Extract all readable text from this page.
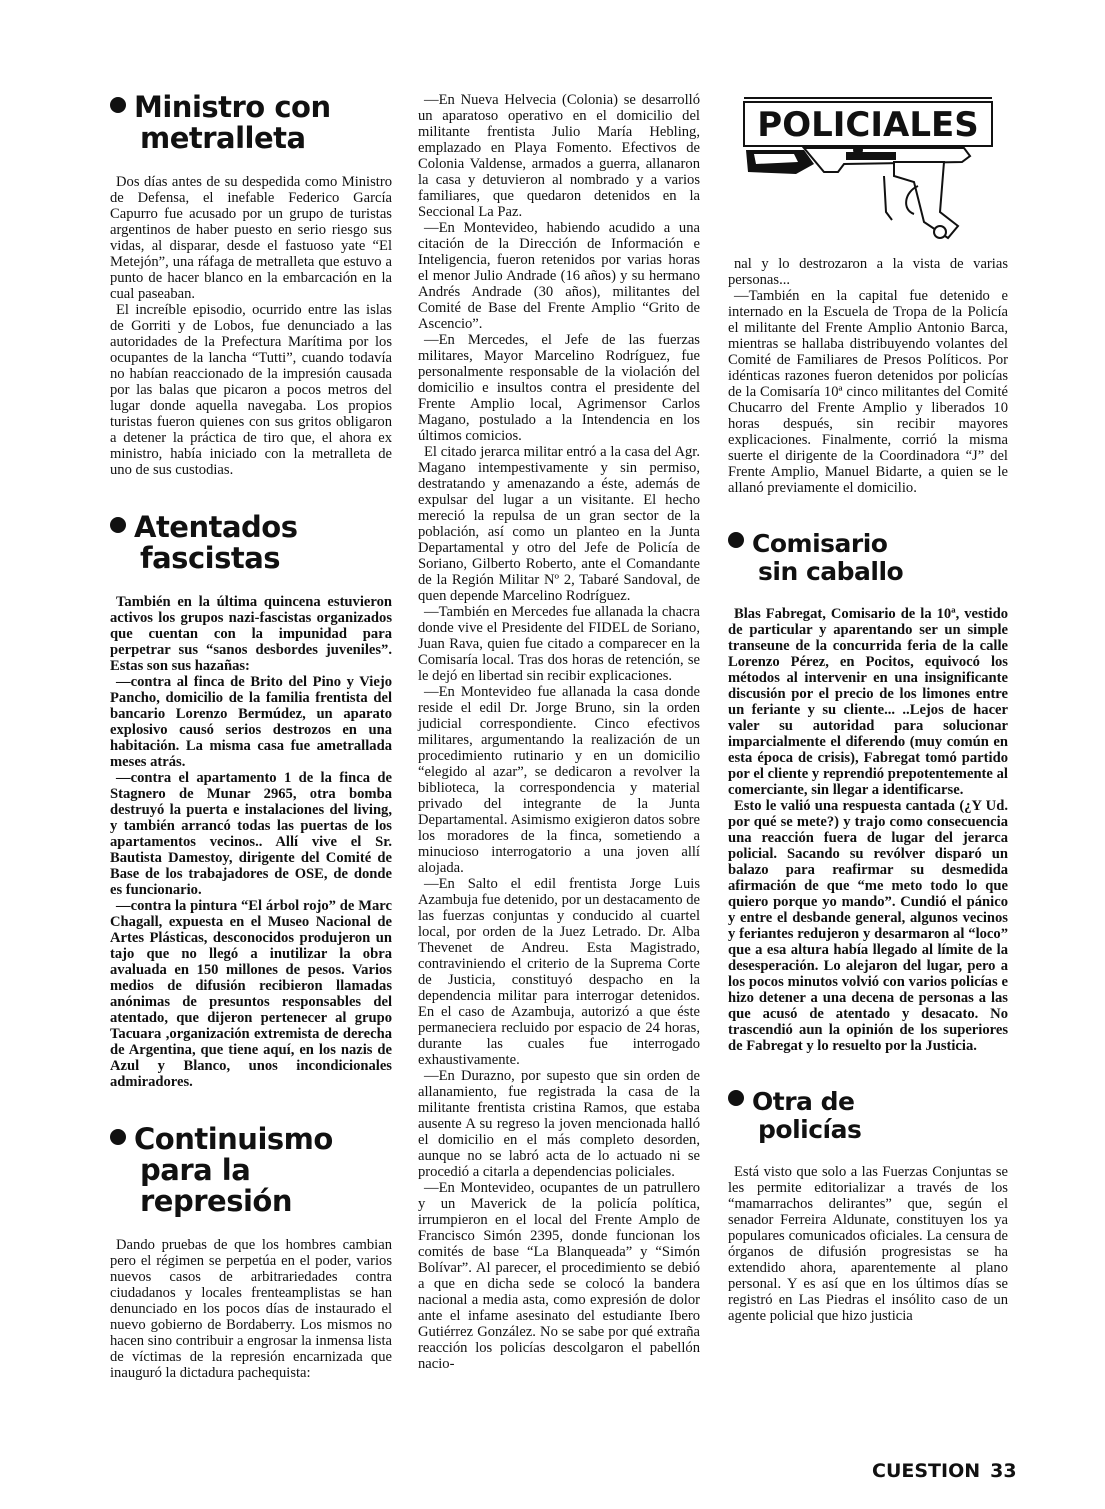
Ministro con
metralleta

Dos días antes de su despedida como Ministro de Defensa, el inefable Federico García Capurro fue acusado por un grupo de turistas argentinos de haber puesto en serio riesgo sus vidas, al disparar, desde el fastuoso yate “El Metejón”, una ráfaga de metralleta que estuvo a punto de hacer blanco en la embarcación en la cual paseaban.

El increíble episodio, ocurrido entre las islas de Gorriti y de Lobos, fue denunciado a las autoridades de la Prefectura Marítima por los ocupantes de la lancha “Tutti”, cuando todavía no habían reaccionado de la impresión causada por las balas que picaron a pocos metros del lugar donde aquella navegaba. Los propios turistas fueron quienes con sus gritos obligaron a detener la práctica de tiro que, el ahora ex ministro, había iniciado con la metralleta de uno de sus custodias.

Atentados
fascistas

También en la última quincena estuvieron activos los grupos nazi-fascistas organizados que cuentan con la impunidad para perpetrar sus “sanos desbordes juveniles”. Estas son sus hazañas:

—contra al finca de Brito del Pino y Viejo Pancho, domicilio de la familia frentista del bancario Lorenzo Bermúdez, un aparato explosivo causó serios destrozos en una habitación. La misma casa fue ametrallada meses atrás.

—contra el apartamento 1 de la finca de Stagnero de Munar 2965, otra bomba destruyó la puerta e instalaciones del living, y también arrancó todas las puertas de los apartamentos vecinos.. Allí vive el Sr. Bautista Damestoy, dirigente del Comité de Base de los trabajadores de OSE, de donde es funcionario.

—contra la pintura “El árbol rojo” de Marc Chagall, expuesta en el Museo Nacional de Artes Plásticas, desconocidos produjeron un tajo que no llegó a inutilizar la obra avaluada en 150 millones de pesos. Varios medios de difusión recibieron llamadas anónimas de presuntos responsables del atentado, que dijeron pertenecer al grupo Tacuara ,organización extremista de derecha de Argentina, que tiene aquí, en los nazis de Azul y Blanco, unos incondicionales admiradores.

Continuismo
para la
represión

Dando pruebas de que los hombres cambian pero el régimen se perpetúa en el poder, varios nuevos casos de arbitrariedades contra ciudadanos y locales frenteamplistas se han denunciado en los pocos días de instaurado el nuevo gobierno de Bordaberry. Los mismos no hacen sino contribuir a engrosar la inmensa lista de víctimas de la represión encarnizada que inauguró la dictadura pachequista:

—En Nueva Helvecia (Colonia) se desarrolló un aparatoso operativo en el domicilio del militante frentista Julio María Hebling, emplazado en Playa Fomento. Efectivos de Colonia Valdense, armados a guerra, allanaron la casa y detuvieron al nombrado y a varios familiares, que quedaron detenidos en la Seccional La Paz.

—En Montevideo, habiendo acudido a una citación de la Dirección de Información e Inteligencia, fueron retenidos por varias horas el menor Julio Andrade (16 años) y su hermano Andrés Andrade (30 años), militantes del Comité de Base del Frente Amplio “Grito de Ascencio”.

—En Mercedes, el Jefe de las fuerzas militares, Mayor Marcelino Rodríguez, fue personalmente responsable de la violación del domicilio e insultos contra el presidente del Frente Amplio local, Agrimensor Carlos Magano, postulado a la Intendencia en los últimos comicios.

El citado jerarca militar entró a la casa del Agr. Magano intempestivamente y sin permiso, destratando y amenazando a éste, además de expulsar del lugar a un visitante. El hecho mereció la repulsa de un gran sector de la población, así como un planteo en la Junta Departamental y otro del Jefe de Policía de Soriano, Gilberto Roberto, ante el Comandante de la Región Militar Nº 2, Tabaré Sandoval, de quen depende Marcelino Rodríguez.

—También en Mercedes fue allanada la chacra donde vive el Presidente del FIDEL de Soriano, Juan Rava, quien fue citado a comparecer en la Comisaría local. Tras dos horas de retención, se le dejó en libertad sin recibir explicaciones.

—En Montevideo fue allanada la casa donde reside el edil Dr. Jorge Bruno, sin la orden judicial correspondiente. Cinco efectivos militares, argumentando la realización de un procedimiento rutinario y en un domicilio “elegido al azar”, se dedicaron a revolver la biblioteca, la correspondencia y material privado del integrante de la Junta Departamental. Asimismo exigieron datos sobre los moradores de la finca, sometiendo a minucioso interrogatorio a una joven allí alojada.

—En Salto el edil frentista Jorge Luis Azambuja fue detenido, por un destacamento de las fuerzas conjuntas y conducido al cuartel local, por orden de la Juez Letrado. Dr. Alba Thevenet de Andreu. Esta Magistrado, contraviniendo el criterio de la Suprema Corte de Justicia, constituyó despacho en la dependencia militar para interrogar detenidos. En el caso de Azambuja, autorizó a que éste permaneciera recluido por espacio de 24 horas, durante las cuales fue interrogado exhaustivamente.

—En Durazno, por supesto que sin orden de allanamiento, fue registrada la casa de la militante frentista cristina Ramos, que estaba ausente A su regreso la joven mencionada halló el domicilio en el más completo desorden, aunque no se labró acta de lo actuado ni se procedió a citarla a dependencias policiales.

—En Montevideo, ocupantes de un patrullero y un Maverick de la policía política, irrumpieron en el local del Frente Amplo de Francisco Simón 2395, donde funcionan los comités de base “La Blanqueada” y “Simón Bolívar”. Al parecer, el procedimiento se debió a que en dicha sede se colocó la bandera nacional a media asta, como expresión de dolor ante el infame asesinato del estudiante Ibero Gutiérrez González. No se sabe por qué extraña reacción los policías descolgaron el pabellón nacio-

POLICIALES

nal y lo destrozaron a la vista de varias personas...

—También en la capital fue detenido e internado en la Escuela de Tropa de la Policía el militante del Frente Amplio Antonio Barca, mientras se hallaba distribuyendo volantes del Comité de Familiares de Presos Políticos. Por idénticas razones fueron detenidos por policías de la Comisaría 10ª cinco militantes del Comité Chucarro del Frente Amplio y liberados 10 horas después, sin recibir mayores explicaciones. Finalmente, corrió la misma suerte el dirigente de la Coordinadora “J” del Frente Amplio, Manuel Bidarte, a quien se le allanó previamente el domicilio.

Comisario
sin caballo

Blas Fabregat, Comisario de la 10ª, vestido de particular y aparentando ser un simple transeune de la concurrida feria de la calle Lorenzo Pérez, en Pocitos, equivocó los métodos al intervenir en una insignificante discusión por el precio de los limones entre un feriante y su cliente... ..Lejos de hacer valer su autoridad para solucionar imparcialmente el diferendo (muy común en esta época de crisis), Fabregat tomó partido por el cliente y reprendió prepotentemente al comerciante, sin llegar a identificarse.

Esto le valió una respuesta cantada (¿Y Ud. por qué se mete?) y trajo como consecuencia una reacción fuera de lugar del jerarca policial. Sacando su revólver disparó un balazo para reafirmar su desmedida afirmación de que “me meto todo lo que quiero porque yo mando”. Cundió el pánico y entre el desbande general, algunos vecinos y feriantes redujeron y desarmaron al “loco” que a esa altura había llegado al límite de la desesperación. Lo alejaron del lugar, pero a los pocos minutos volvió con varios policías e hizo detener a una decena de personas a las que acusó de atentado y desacato. No trascendió aun la opinión de los superiores de Fabregat y lo resuelto por la Justicia.

Otra de
policías

Está visto que solo a las Fuerzas Conjuntas se les permite editorializar a través de los “mamarrachos delirantes” que, según el senador Ferreira Aldunate, constituyen los ya populares comunicados oficiales. La censura de órganos de difusión progresistas se ha extendido ahora, aparentemente al plano personal. Y es así que en los últimos días se registró en Las Piedras el insólito caso de un agente policial que hizo justicia

CUESTION 33
